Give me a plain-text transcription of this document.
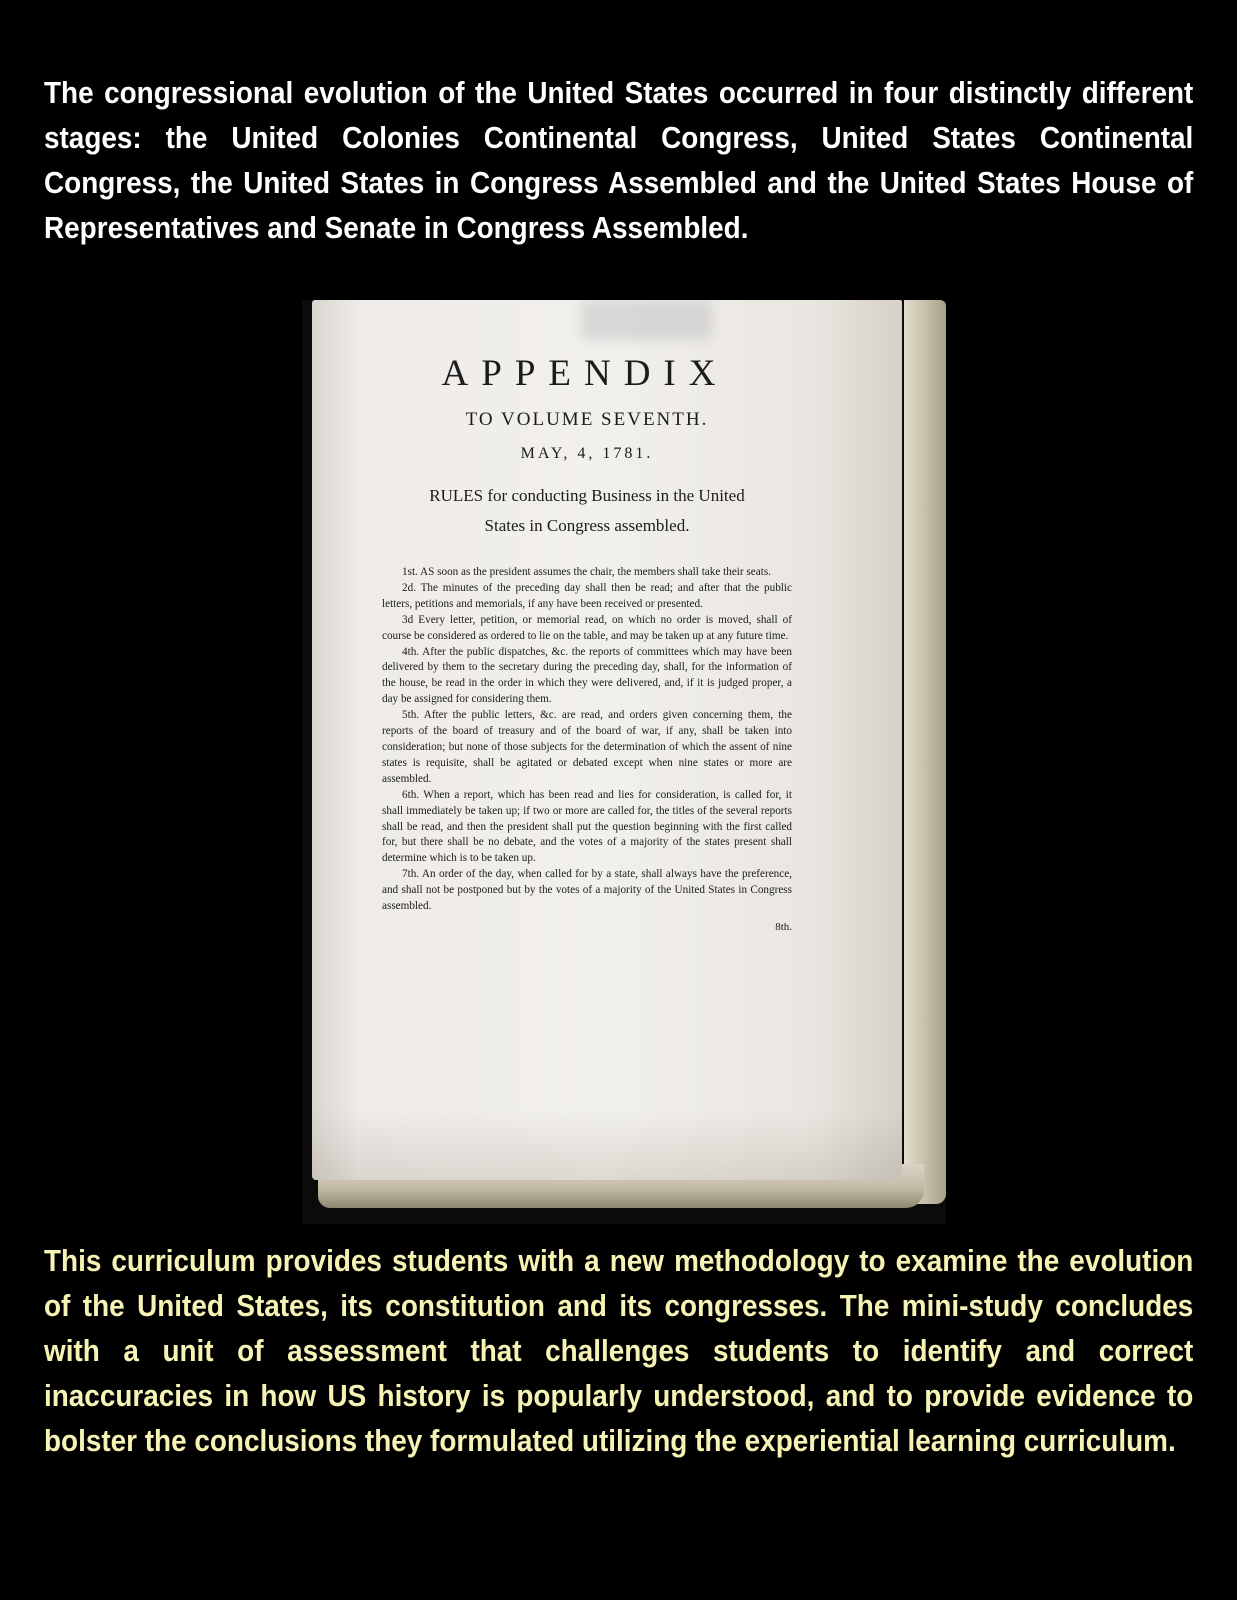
The congressional evolution of the United States occurred in four distinctly different stages: the United Colonies Continental Congress, United States Continental Congress, the United States in Congress Assembled and the United States House of Representatives and Senate in Congress Assembled.
APPENDIX
TO VOLUME SEVENTH.
MAY, 4, 1781.
RULES for conducting Business in the United
States in Congress assembled.

1st. AS soon as the president assumes the chair, the members shall take their seats.

2d. The minutes of the preceding day shall then be read; and after that the public letters, petitions and memorials, if any have been received or presented.

3d Every letter, petition, or memorial read, on which no order is moved, shall of course be considered as ordered to lie on the table, and may be taken up at any future time.

4th. After the public dispatches, &c. the reports of committees which may have been delivered by them to the secretary during the preceding day, shall, for the information of the house, be read in the order in which they were delivered, and, if it is judged proper, a day be assigned for considering them.

5th. After the public letters, &c. are read, and orders given concerning them, the reports of the board of treasury and of the board of war, if any, shall be taken into consideration; but none of those subjects for the determination of which the assent of nine states is requisite, shall be agitated or debated except when nine states or more are assembled.

6th. When a report, which has been read and lies for consideration, is called for, it shall immediately be taken up; if two or more are called for, the titles of the several reports shall be read, and then the president shall put the question beginning with the first called for, but there shall be no debate, and the votes of a majority of the states present shall determine which is to be taken up.

7th. An order of the day, when called for by a state, shall always have the preference, and shall not be postponed but by the votes of a majority of the United States in Congress assembled.

8th.
This curriculum provides students with a new methodology to examine the evolution of the United States, its constitution and its congresses. The mini-study concludes with a unit of assessment that challenges students to identify and correct inaccuracies in how US history is popularly understood, and to provide evidence to bolster the conclusions they formulated utilizing the experiential learning curriculum.
